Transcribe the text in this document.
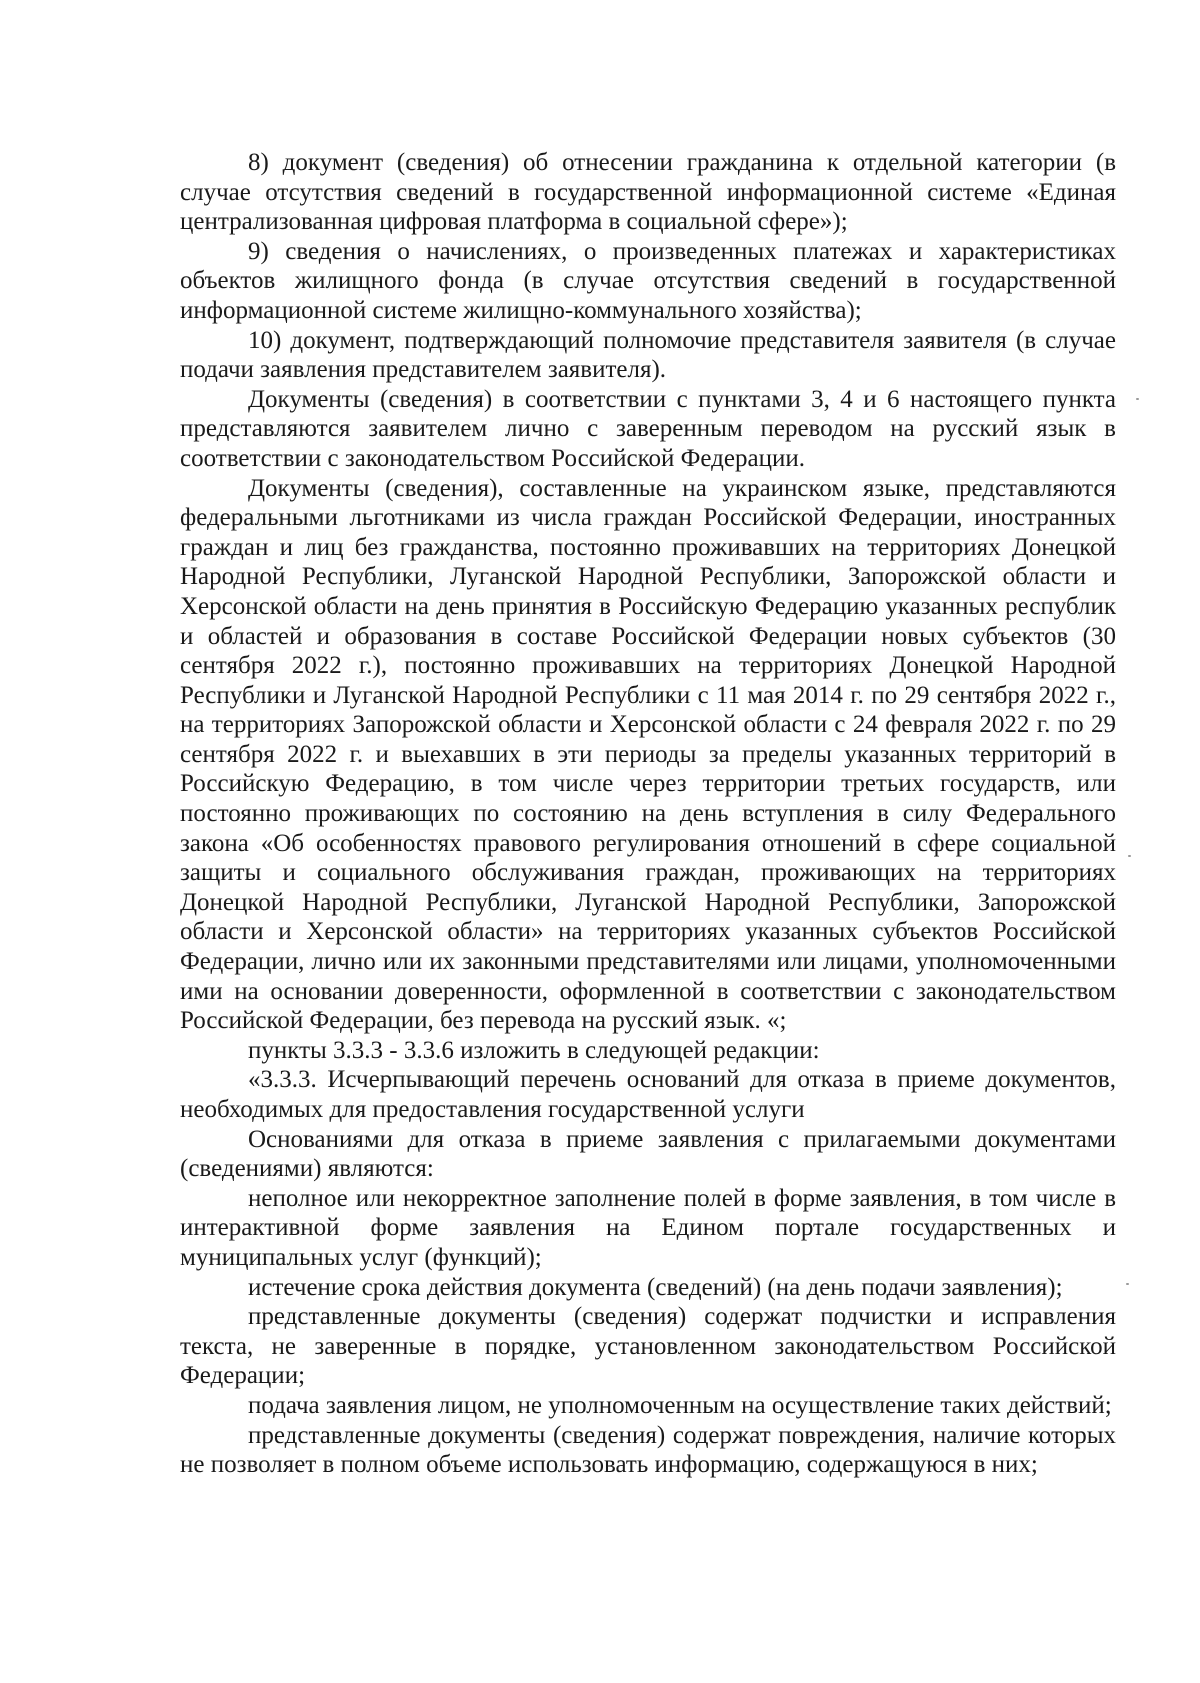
8) документ (сведения) об отнесении гражданина к отдельной категории (в случае отсутствия сведений в государственной информационной системе «Единая централизованная цифровая платформа в социальной сфере»);

9) сведения о начислениях, о произведенных платежах и характеристиках объектов жилищного фонда (в случае отсутствия сведений в государственной информационной системе жилищно-коммунального хозяйства);

10) документ, подтверждающий полномочие представителя заявителя (в случае подачи заявления представителем заявителя).

Документы (сведения) в соответствии с пунктами 3, 4 и 6 настоящего пункта представляются заявителем лично с заверенным переводом на русский язык в соответствии с законодательством Российской Федерации.

Документы (сведения), составленные на украинском языке, представляются федеральными льготниками из числа граждан Российской Федерации, иностранных граждан и лиц без гражданства, постоянно проживавших на территориях Донецкой Народной Республики, Луганской Народной Республики, Запорожской области и Херсонской области на день принятия в Российскую Федерацию указанных республик и областей и образования в составе Российской Федерации новых субъектов (30 сентября 2022 г.), постоянно проживавших на территориях Донецкой Народной Республики и Луганской Народной Республики с 11 мая 2014 г. по 29 сентября 2022 г., на территориях Запорожской области и Херсонской области с 24 февраля 2022 г. по 29 сентября 2022 г. и выехавших в эти периоды за пределы указанных территорий в Российскую Федерацию, в том числе через территории третьих государств, или постоянно проживающих по состоянию на день вступления в силу Федерального закона «Об особенностях правового регулирования отношений в сфере социальной защиты и социального обслуживания граждан, проживающих на территориях Донецкой Народной Республики, Луганской Народной Республики, Запорожской области и Херсонской области» на территориях указанных субъектов Российской Федерации, лично или их законными представителями или лицами, уполномоченными ими на основании доверенности, оформленной в соответствии с законодательством Российской Федерации, без перевода на русский язык. «;

пункты 3.3.3 - 3.3.6 изложить в следующей редакции:

«3.3.3. Исчерпывающий перечень оснований для отказа в приеме документов, необходимых для предоставления государственной услуги

Основаниями для отказа в приеме заявления с прилагаемыми документами (сведениями) являются:

неполное или некорректное заполнение полей в форме заявления, в том числе в интерактивной форме заявления на Едином портале государственных и муниципальных услуг (функций);

истечение срока действия документа (сведений) (на день подачи заявления);

представленные документы (сведения) содержат подчистки и исправления текста, не заверенные в порядке, установленном законодательством Российской Федерации;

подача заявления лицом, не уполномоченным на осуществление таких действий;

представленные документы (сведения) содержат повреждения, наличие которых не позволяет в полном объеме использовать информацию, содержащуюся в них;
